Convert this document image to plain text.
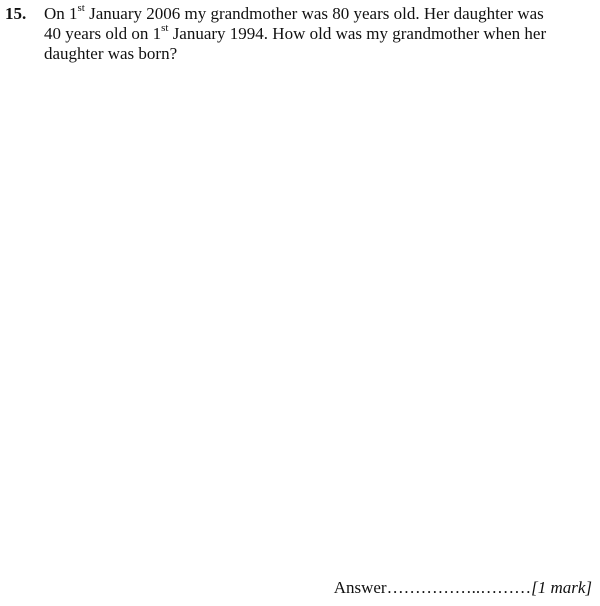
15. On 1st January 2006 my grandmother was 80 years old. Her daughter was
40 years old on 1st January 1994. How old was my grandmother when her
daughter was born?
Answer……………..………[1 mark]
